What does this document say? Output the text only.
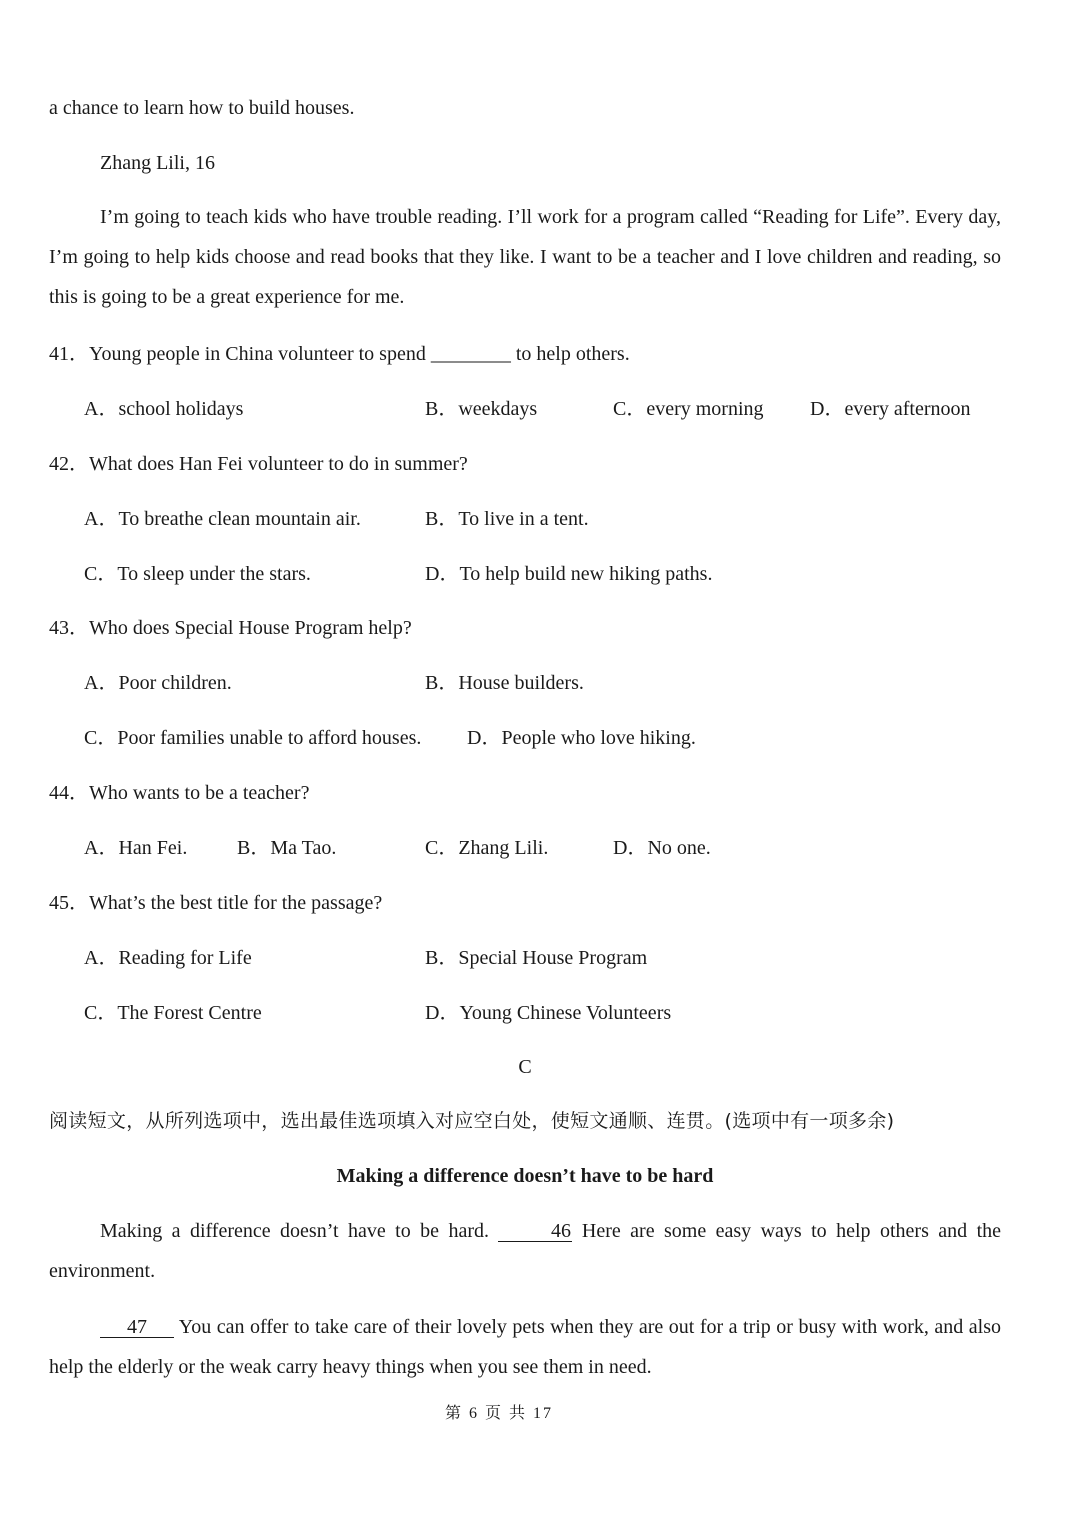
a chance to learn how to build houses.
Zhang Lili, 16
I’m going to teach kids who have trouble reading. I’ll work for a program called “Reading for Life”. Every day, I’m going to help kids choose and read books that they like. I want to be a teacher and I love children and reading, so this is going to be a great experience for me.
41．Young people in China volunteer to spend ________ to help others.
A．school holidays	B．weekdays	C．every morning D．every afternoon
42．What does Han Fei volunteer to do in summer?
A．To breathe clean mountain air.	B．To live in a tent.
C．To sleep under the stars.	D．To help build new hiking paths.
43．Who does Special House Program help?
A．Poor children.	B．House builders.
C．Poor families unable to afford houses. D．People who love hiking.
44．Who wants to be a teacher?
A．Han Fei. B．Ma Tao.	C．Zhang Lili.	D．No one.
45．What’s the best title for the passage?
A．Reading for Life	B．Special House Program
C．The Forest Centre	D．Young Chinese Volunteers
C
阅读短文，从所列选项中，选出最佳选项填入对应空白处，使短文通顺、连贯。(选项中有一项多余)
Making a difference doesn’t have to be hard
Making a difference doesn’t have to be hard.	46 Here are some easy ways to help others and the environment.
47 You can offer to take care of their lovely pets when they are out for a trip or busy with work, and also help the elderly or the weak carry heavy things when you see them in need.
第 6 页 共 17
